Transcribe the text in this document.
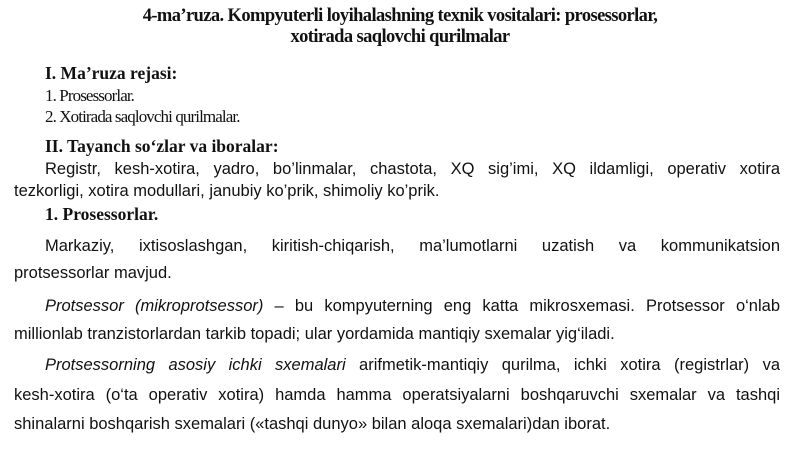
4-ma’ruza. Kompyuterli loyihalashning texnik vositalari: prosessorlar,
xotirada saqlovchi qurilmalar
I. Ma’ruza rejasi:
1. Prosessorlar.
2. Xotirada saqlovchi qurilmalar.
II. Tayanch so‘zlar va iboralar:
Registr, kesh-xotira, yadro, bo’linmalar, chastota, XQ sig’imi, XQ ildamligi, operativ xotira
tezkorligi, xotira modullari, janubiy ko’prik, shimoliy ko’prik.
1. Prosessorlar.
Markaziy, ixtisoslashgan, kiritish-chiqarish, ma’lumotlarni uzatish va kommunikatsion
protsessorlar mavjud.
Protsessor (mikroprotsessor) – bu kompyuterning eng katta mikrosxemasi. Protsessor o‘nlab
millionlab tranzistorlardan tarkib topadi; ular yordamida mantiqiy sxemalar yig‘iladi.
Protsessorning asosiy ichki sxemalari arifmetik-mantiqiy qurilma, ichki xotira (registrlar) va
kesh-xotira (o‘ta operativ xotira) hamda hamma operatsiyalarni boshqaruvchi sxemalar va tashqi
shinalarni boshqarish sxemalari («tashqi dunyo» bilan aloqa sxemalari)dan iborat.
